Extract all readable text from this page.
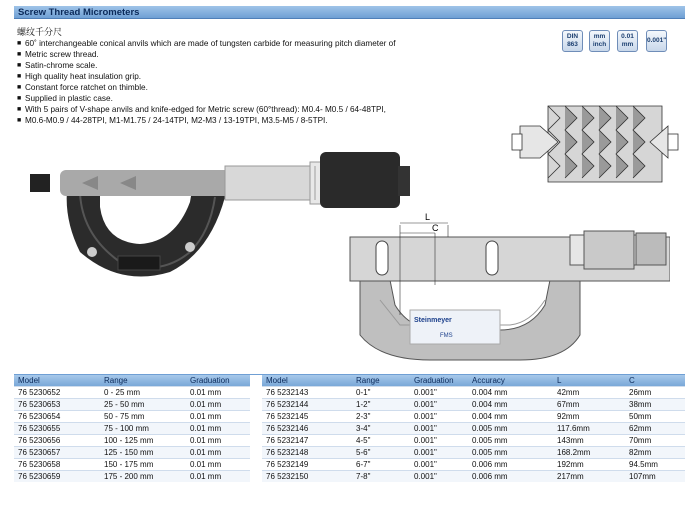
Screw Thread Micrometers
螺纹千分尺
■ 60˚ interchangeable conical anvils which are made of tungsten carbide for measuring pitch diameter of
■ Metric screw thread.
■ Satin-chrome scale.
■ High quality heat insulation grip.
■ Constant force ratchet on thimble.
■ Supplied in plastic case.
■ With 5 pairs of V-shape anvils and knife-edged for Metric screw (60°thread): M0.4- M0.5 / 64-48TPI,
■ M0.6-M0.9 / 44-28TPI, M1-M1.75 / 24-14TPI, M2-M3 / 13-19TPI, M3.5-M5 / 8-5TPI.
DIN
863
mm
inch
0.01
mm
0.001"
L
C
Steinmeyer
FMS
Model	Range	Graduation
76 5230652	0 - 25 mm	0.01 mm
76 5230653	25 - 50 mm	0.01 mm
76 5230654	50 - 75 mm	0.01 mm
76 5230655	75 - 100 mm	0.01 mm
76 5230656	100 - 125 mm	0.01 mm
76 5230657	125 - 150 mm	0.01 mm
76 5230658	150 - 175 mm	0.01 mm
76 5230659	175 - 200 mm	0.01 mm
Model	Range	Graduation	Accuracy	L	C
76 5232143	0-1"	0.001"	0.004 mm	42mm	26mm
76 5232144	1-2"	0.001"	0.004 mm	67mm	38mm
76 5232145	2-3"	0.001"	0.004 mm	92mm	50mm
76 5232146	3-4"	0.001"	0.005 mm	117.6mm	62mm
76 5232147	4-5"	0.001"	0.005 mm	143mm	70mm
76 5232148	5-6"	0.001"	0.005 mm	168.2mm	82mm
76 5232149	6-7"	0.001"	0.006 mm	192mm	94.5mm
76 5232150	7-8"	0.001"	0.006 mm	217mm	107mm
